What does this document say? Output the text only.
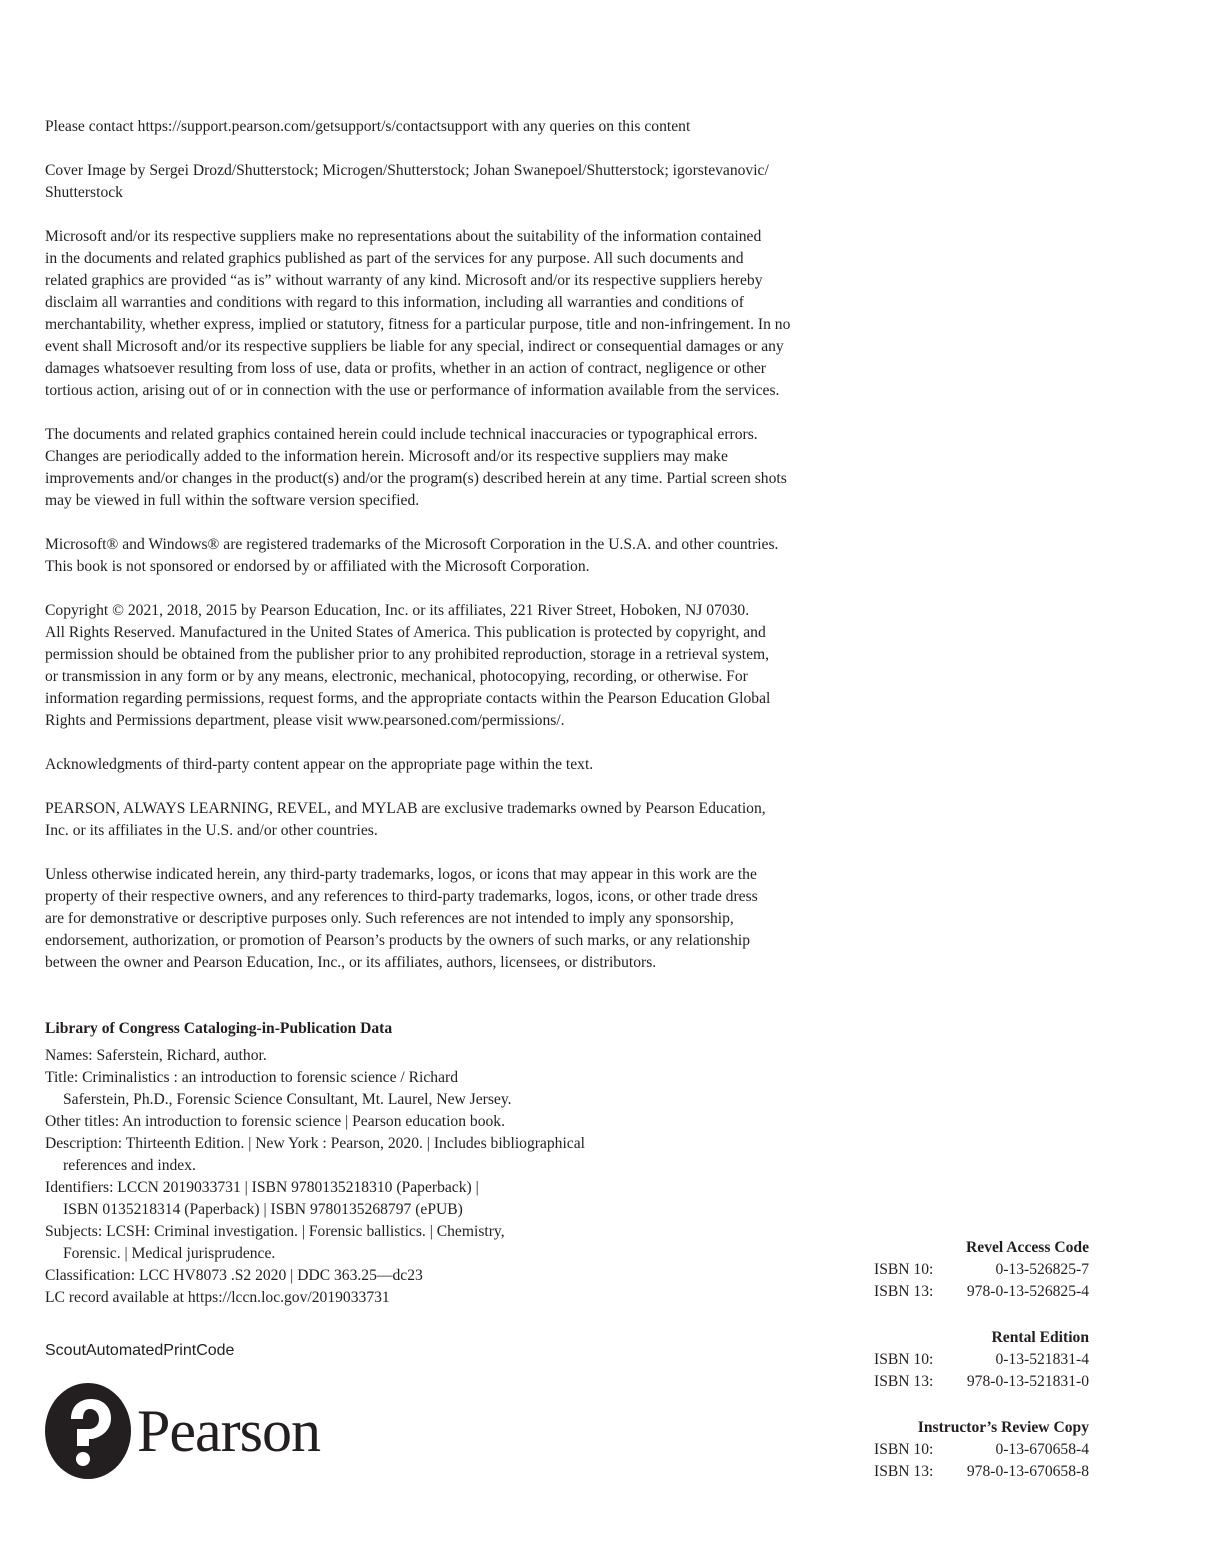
Please contact https://support.pearson.com/getsupport/s/contactsupport with any queries on this content
Cover Image by Sergei Drozd/Shutterstock; Microgen/Shutterstock; Johan Swanepoel/Shutterstock; igorstevanovic/
Shutterstock
Microsoft and/or its respective suppliers make no representations about the suitability of the information contained
in the documents and related graphics published as part of the services for any purpose. All such documents and
related graphics are provided “as is” without warranty of any kind. Microsoft and/or its respective suppliers hereby
disclaim all warranties and conditions with regard to this information, including all warranties and conditions of
merchantability, whether express, implied or statutory, fitness for a particular purpose, title and non-infringement. In no
event shall Microsoft and/or its respective suppliers be liable for any special, indirect or consequential damages or any
damages whatsoever resulting from loss of use, data or profits, whether in an action of contract, negligence or other
tortious action, arising out of or in connection with the use or performance of information available from the services.
The documents and related graphics contained herein could include technical inaccuracies or typographical errors.
Changes are periodically added to the information herein. Microsoft and/or its respective suppliers may make
improvements and/or changes in the product(s) and/or the program(s) described herein at any time. Partial screen shots
may be viewed in full within the software version specified.
Microsoft® and Windows® are registered trademarks of the Microsoft Corporation in the U.S.A. and other countries.
This book is not sponsored or endorsed by or affiliated with the Microsoft Corporation.
Copyright © 2021, 2018, 2015 by Pearson Education, Inc. or its affiliates, 221 River Street, Hoboken, NJ 07030.
All Rights Reserved. Manufactured in the United States of America. This publication is protected by copyright, and
permission should be obtained from the publisher prior to any prohibited reproduction, storage in a retrieval system,
or transmission in any form or by any means, electronic, mechanical, photocopying, recording, or otherwise. For
information regarding permissions, request forms, and the appropriate contacts within the Pearson Education Global
Rights and Permissions department, please visit www.pearsoned.com/permissions/.
Acknowledgments of third-party content appear on the appropriate page within the text.
PEARSON, ALWAYS LEARNING, REVEL, and MYLAB are exclusive trademarks owned by Pearson Education,
Inc. or its affiliates in the U.S. and/or other countries.
Unless otherwise indicated herein, any third-party trademarks, logos, or icons that may appear in this work are the
property of their respective owners, and any references to third-party trademarks, logos, icons, or other trade dress
are for demonstrative or descriptive purposes only. Such references are not intended to imply any sponsorship,
endorsement, authorization, or promotion of Pearson’s products by the owners of such marks, or any relationship
between the owner and Pearson Education, Inc., or its affiliates, authors, licensees, or distributors.
Library of Congress Cataloging-in-Publication Data
Names: Saferstein, Richard, author.
Title: Criminalistics : an introduction to forensic science / Richard
Saferstein, Ph.D., Forensic Science Consultant, Mt. Laurel, New Jersey.
Other titles: An introduction to forensic science | Pearson education book.
Description: Thirteenth Edition. | New York : Pearson, 2020. | Includes bibliographical
references and index.
Identifiers: LCCN 2019033731 | ISBN 9780135218310 (Paperback) |
ISBN 0135218314 (Paperback) | ISBN 9780135268797 (ePUB)
Subjects: LCSH: Criminal investigation. | Forensic ballistics. | Chemistry,
Forensic. | Medical jurisprudence.
Classification: LCC HV8073 .S2 2020 | DDC 363.25—dc23
LC record available at https://lccn.loc.gov/2019033731
ScoutAutomatedPrintCode
Pearson
Revel Access Code
ISBN 10:	0-13-526825-7
ISBN 13: 978-0-13-526825-4
Rental Edition
ISBN 10:	0-13-521831-4
ISBN 13: 978-0-13-521831-0
Instructor’s Review Copy
ISBN 10:	0-13-670658-4
ISBN 13: 978-0-13-670658-8
